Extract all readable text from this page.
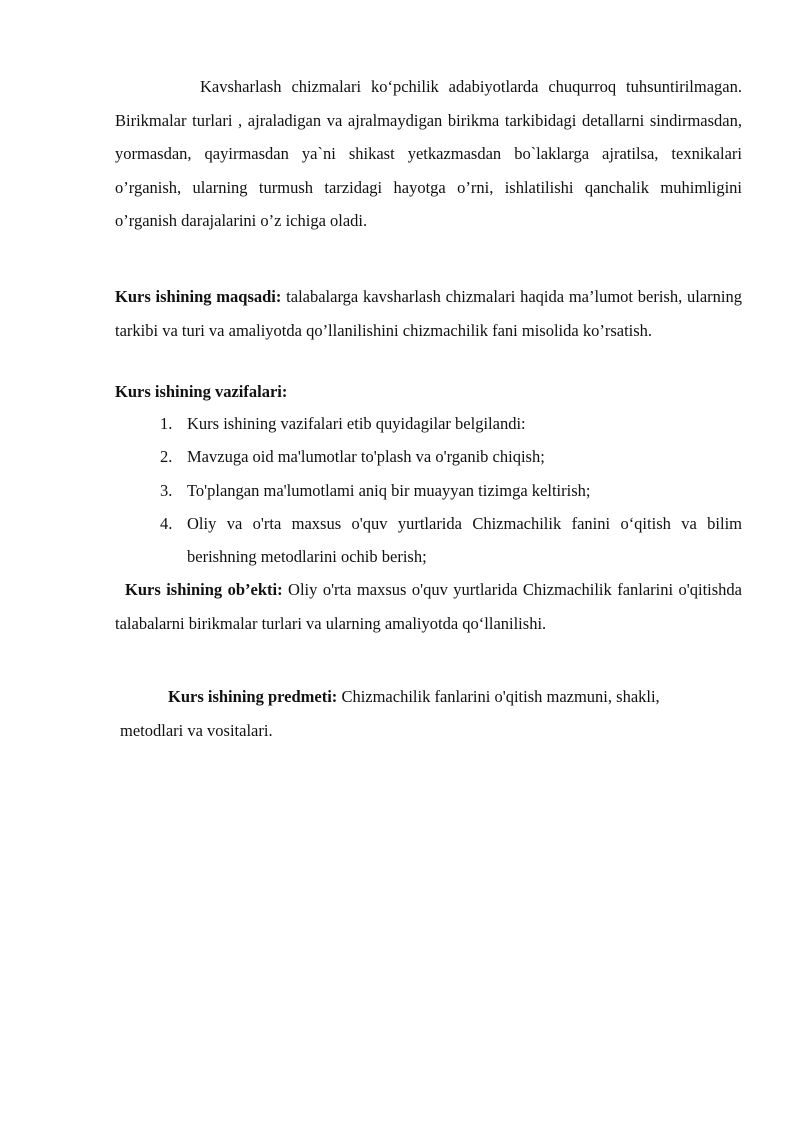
Kavsharlash chizmalari ko‘pchilik adabiyotlarda chuqurroq tuhsuntirilmagan. Birikmalar turlari , ajraladigan va ajralmaydigan birikma tarkibidagi detallarni sindirmasdan, yormasdan, qayirmasdan ya`ni shikast yetkazmasdan bo`laklarga ajratilsa, texnikalari o’rganish, ularning turmush tarzidagi hayotga o’rni, ishlatilishi qanchalik muhimligini o’rganish darajalarini o’z ichiga oladi.

Kurs ishining maqsadi: talabalarga kavsharlash chizmalari haqida ma’lumot berish, ularning tarkibi va turi va amaliyotda qo’llanilishini chizmachilik fani misolida ko’rsatish.

Kurs ishining vazifalari:
1. Kurs ishining vazifalari etib quyidagilar belgilandi:
2. Mavzuga oid ma'lumotlar to'plash va o'rganib chiqish;
3. To'plangan ma'lumotlami aniq bir muayyan tizimga keltirish;
4. Oliy va o'rta maxsus o'quv yurtlarida Chizmachilik fanini o‘qitish va bilim berishning metodlarini ochib berish;

Kurs ishining ob’ekti: Oliy o'rta maxsus o'quv yurtlarida Chizmachilik fanlarini o'qitishda talabalarni birikmalar turlari va ularning amaliyotda qo‘llanilishi.

Kurs ishining predmeti: Chizmachilik fanlarini o'qitish mazmuni, shakli, metodlari va vositalari.
